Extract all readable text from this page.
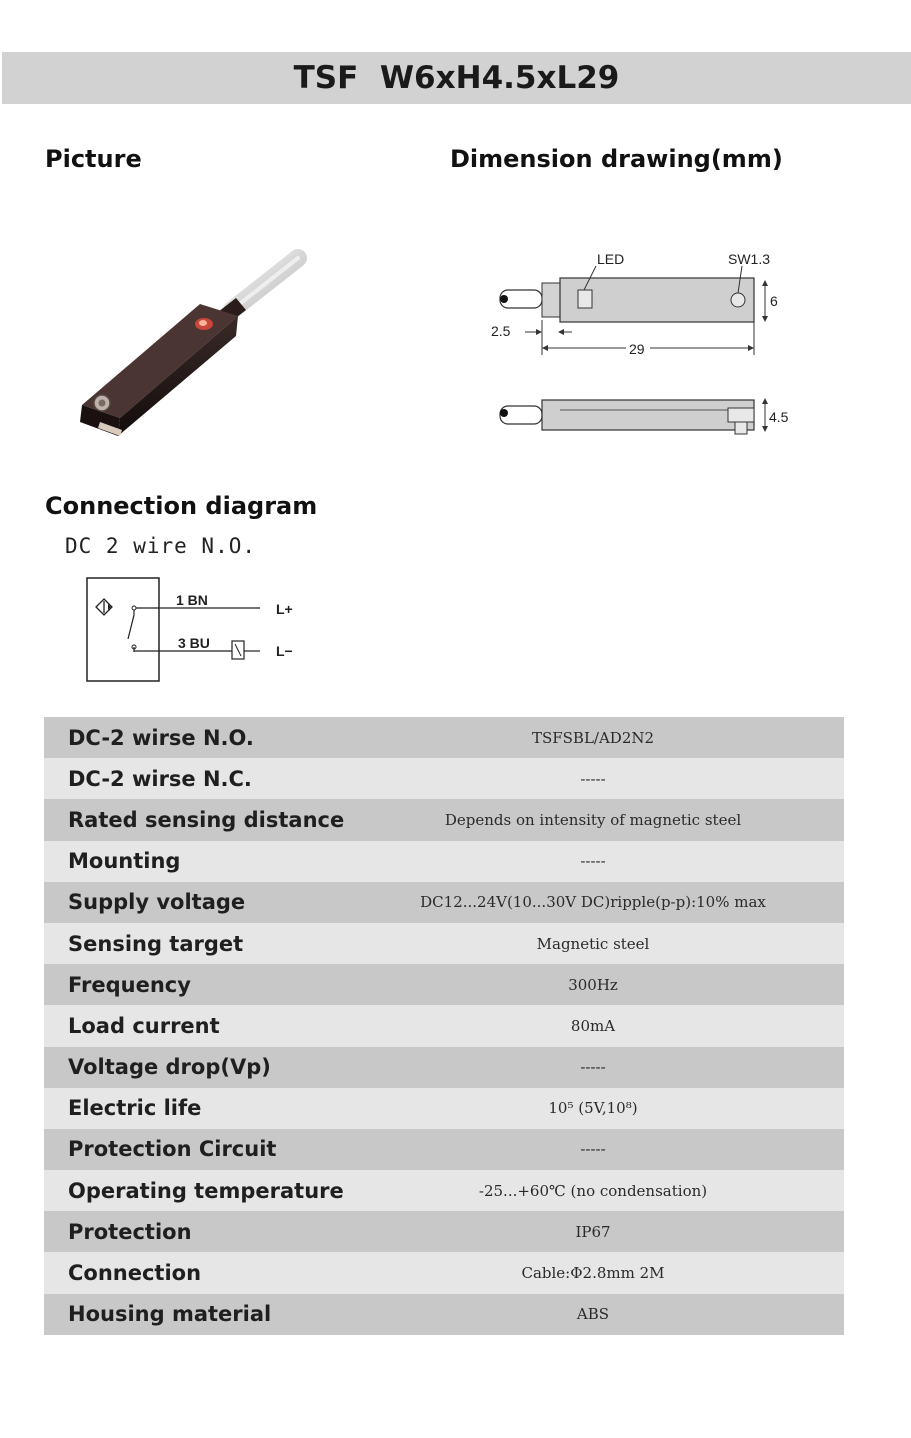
TSF  W6xH4.5xL29
Picture	Dimension drawing(mm)
Connection diagram
LED	SW1.3
6
2.5
29
4.5
DC 2 wire N.O.
1 BN
3 BU
L+
L−
DC-2 wirse N.O.	TSFSBL/AD2N2
DC-2 wirse N.C.	-----
Rated sensing distance	Depends on intensity of magnetic steel
Mounting	-----
Supply voltage	DC12...24V(10...30V DC)ripple(p-p):10% max
Sensing target	Magnetic steel
Frequency	300Hz
Load current	80mA
Voltage drop(Vp)	-----
Electric life	10⁵ (5V,10⁸)
Protection Circuit	-----
Operating temperature	-25...+60℃ (no condensation)
Protection	IP67
Connection	Cable:Φ2.8mm 2M
Housing material	ABS
